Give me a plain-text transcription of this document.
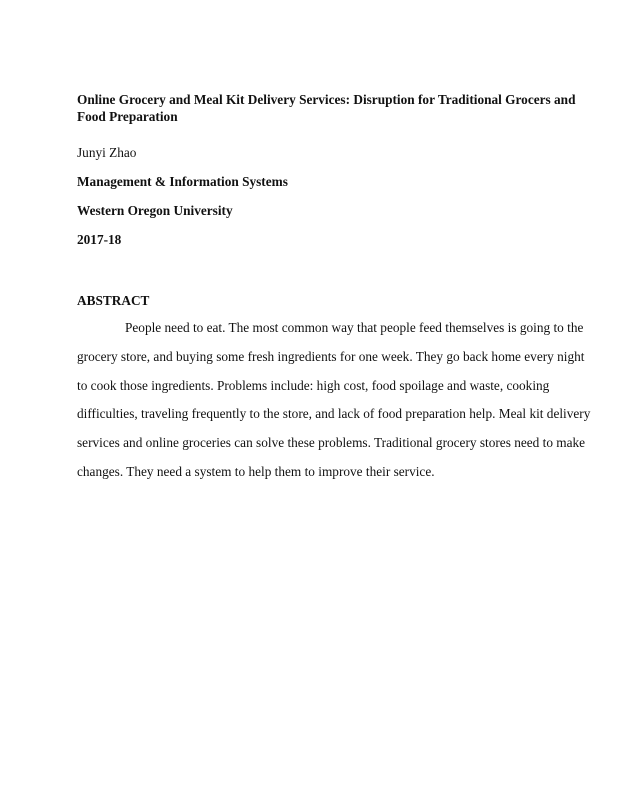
Online Grocery and Meal Kit Delivery Services: Disruption for Traditional Grocers and
Food Preparation
Junyi Zhao
Management & Information Systems
Western Oregon University
2017-18
ABSTRACT
People need to eat. The most common way that people feed themselves is going to the
grocery store, and buying some fresh ingredients for one week. They go back home every night
to cook those ingredients. Problems include: high cost, food spoilage and waste, cooking
difficulties, traveling frequently to the store, and lack of food preparation help. Meal kit delivery
services and online groceries can solve these problems. Traditional grocery stores need to make
changes. They need a system to help them to improve their service.
